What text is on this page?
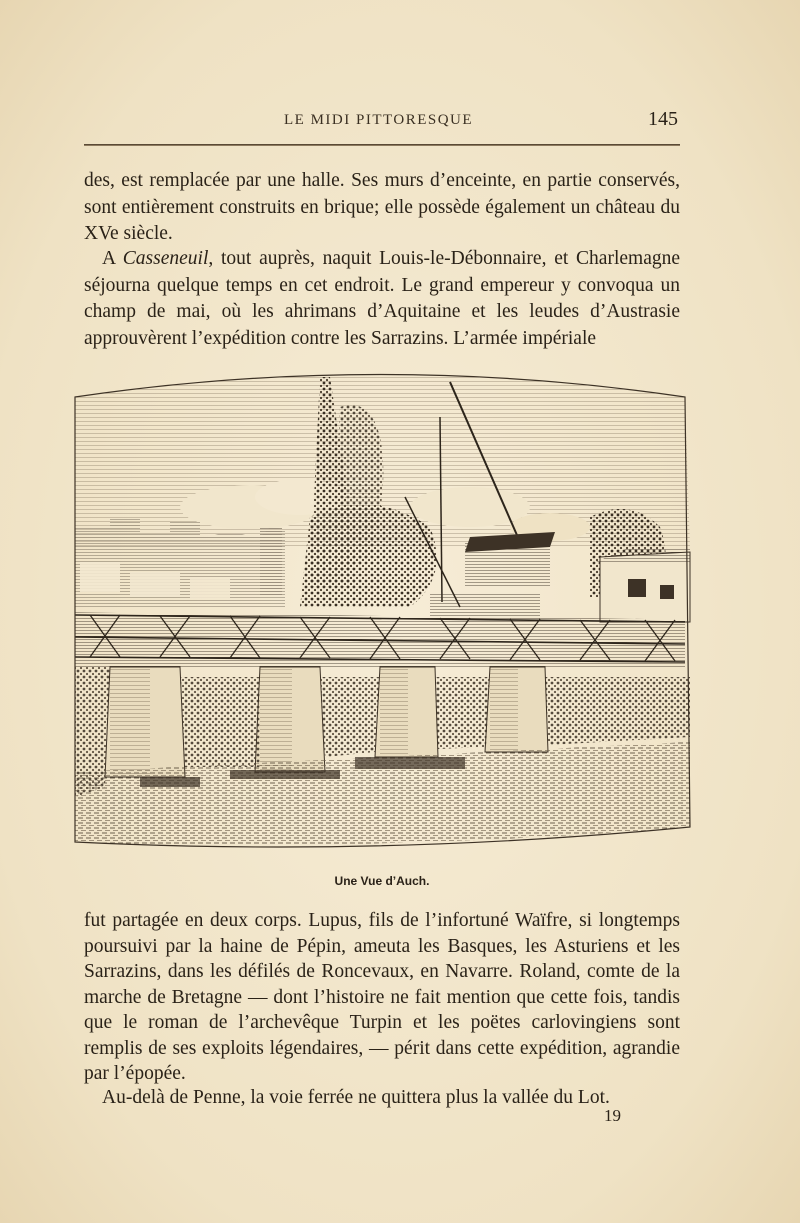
LE MIDI PITTORESQUE	145

des, est remplacée par une halle. Ses murs d’enceinte, en partie conservés, sont entièrement construits en brique; elle possède également un château du XVe siècle.

A Casseneuil, tout auprès, naquit Louis-le-Débonnaire, et Charlemagne séjourna quelque temps en cet endroit. Le grand empereur y convoqua un champ de mai, où les ahrimans d’Aquitaine et les leudes d’Austrasie approuvèrent l’expédition contre les Sarrazins. L’armée impériale

Une Vue d’Auch.

fut partagée en deux corps. Lupus, fils de l’infortuné Waïfre, si longtemps poursuivi par la haine de Pépin, ameuta les Basques, les Asturiens et les Sarrazins, dans les défilés de Roncevaux, en Navarre. Roland, comte de la marche de Bretagne — dont l’histoire ne fait mention que cette fois, tandis que le roman de l’archevêque Turpin et les poëtes carlovingiens sont remplis de ses exploits légendaires, — périt dans cette expédition, agrandie par l’épopée.

Au-delà de Penne, la voie ferrée ne quittera plus la vallée du Lot.

19
